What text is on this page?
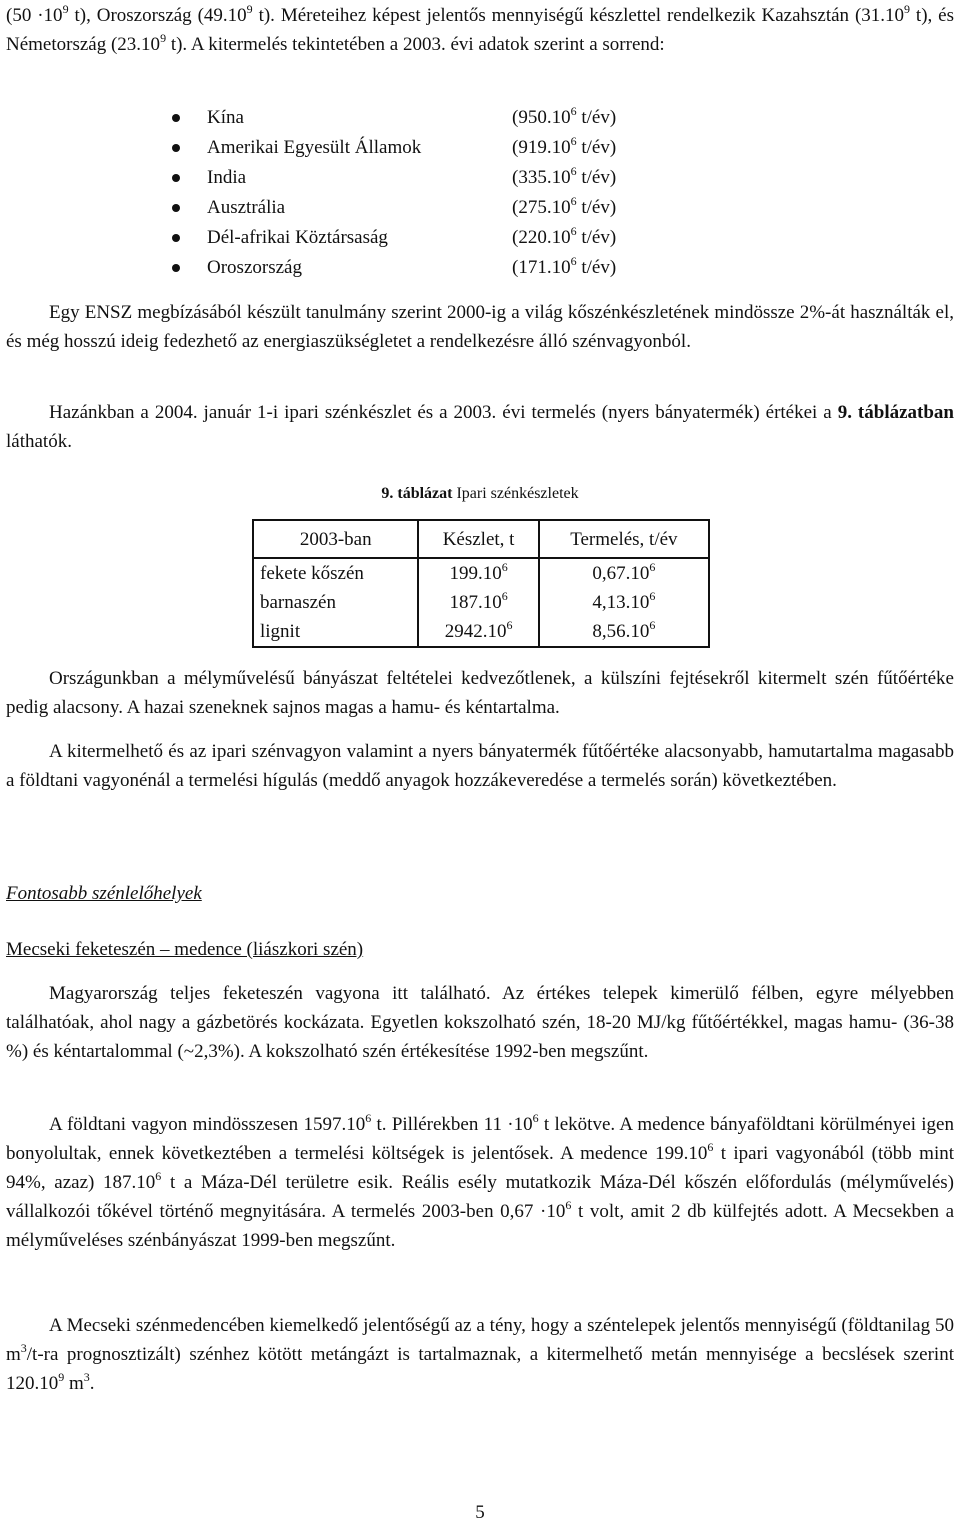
($50 \cdot 10^9$ t), Oroszország (49.10$^9$ t). Méreteihez képest jelentős mennyiségű készlettel rendelkezik Kazahsztán (31.10$^9$ t), és Németország (23.10$^9$ t). A kitermelés tekintetében a 2003. évi adatok szerint a sorrend:

Kína	(950.10$^6$ t/év)
Amerikai Egyesült Államok	(919.10$^6$ t/év)
India	(335.10$^6$ t/év)
Ausztrália	(275.10$^6$ t/év)
Dél-afrikai Köztársaság	(220.10$^6$ t/év)
Oroszország	(171.10$^6$ t/év)

Egy ENSZ megbízásából készült tanulmány szerint 2000-ig a világ kőszénkészletének mindössze 2%-át használták el, és még hosszú ideig fedezhető az energiaszükségletet a rendelkezésre álló szénvagyonból.

Hazánkban a 2004. január 1-i ipari szénkészlet és a 2003. évi termelés (nyers bányatermék) értékei a 9. táblázatban láthatók.

9. táblázat Ipari szénkészletek
2003-ban	Készlet, t	Termelés, t/év
fekete kőszén	199.10$^6$	0,67.10$^6$
barnaszén	187.10$^6$	4,13.10$^6$
lignit	2942.10$^6$	8,56.10$^6$

Országunkban a mélyművelésű bányászat feltételei kedvezőtlenek, a külszíni fejtésekről kitermelt szén fűtőértéke pedig alacsony. A hazai szeneknek sajnos magas a hamu- és kéntartalma.

A kitermelhető és az ipari szénvagyon valamint a nyers bányatermék fűtőértéke alacsonyabb, hamutartalma magasabb a földtani vagyonénál a termelési hígulás (meddő anyagok hozzákeveredése a termelés során) következtében.

Fontosabb szénlelőhelyek
Mecseki feketeszén – medence (liászkori szén)

Magyarország teljes feketeszén vagyona itt található. Az értékes telepek kimerülő félben, egyre mélyebben találhatóak, ahol nagy a gázbetörés kockázata. Egyetlen kokszolható szén, 18-20 MJ/kg fűtőértékkel, magas hamu- (36-38 %) és kéntartalommal (~2,3%). A kokszolható szén értékesítése 1992-ben megszűnt.

A földtani vagyon mindösszesen 1597.10$^6$ t. Pillérekben $11 \cdot 10^6$ t lekötve. A medence bányaföldtani körülményei igen bonyolultak, ennek következtében a termelési költségek is jelentősek. A medence 199.10$^6$ t ipari vagyonából (több mint 94%, azaz) 187.10$^6$ t a Máza-Dél területre esik. Reális esély mutatkozik Máza-Dél kőszén előfordulás (mélyművelés) vállalkozói tőkével történő megnyitására. A termelés 2003-ben $0,67 \cdot 10^6$ t volt, amit 2 db külfejtés adott. A Mecsekben a mélyműveléses szénbányászat 1999-ben megszűnt.

A Mecseki szénmedencében kiemelkedő jelentőségű az a tény, hogy a széntelepek jelentős mennyiségű (földtanilag 50 $m^3/t-ra$ prognosztizált) szénhez kötött metángázt is tartalmaznak, a kitermelhető metán mennyisége a becslések szerint 120.10$^9$ $m^3$.

5
